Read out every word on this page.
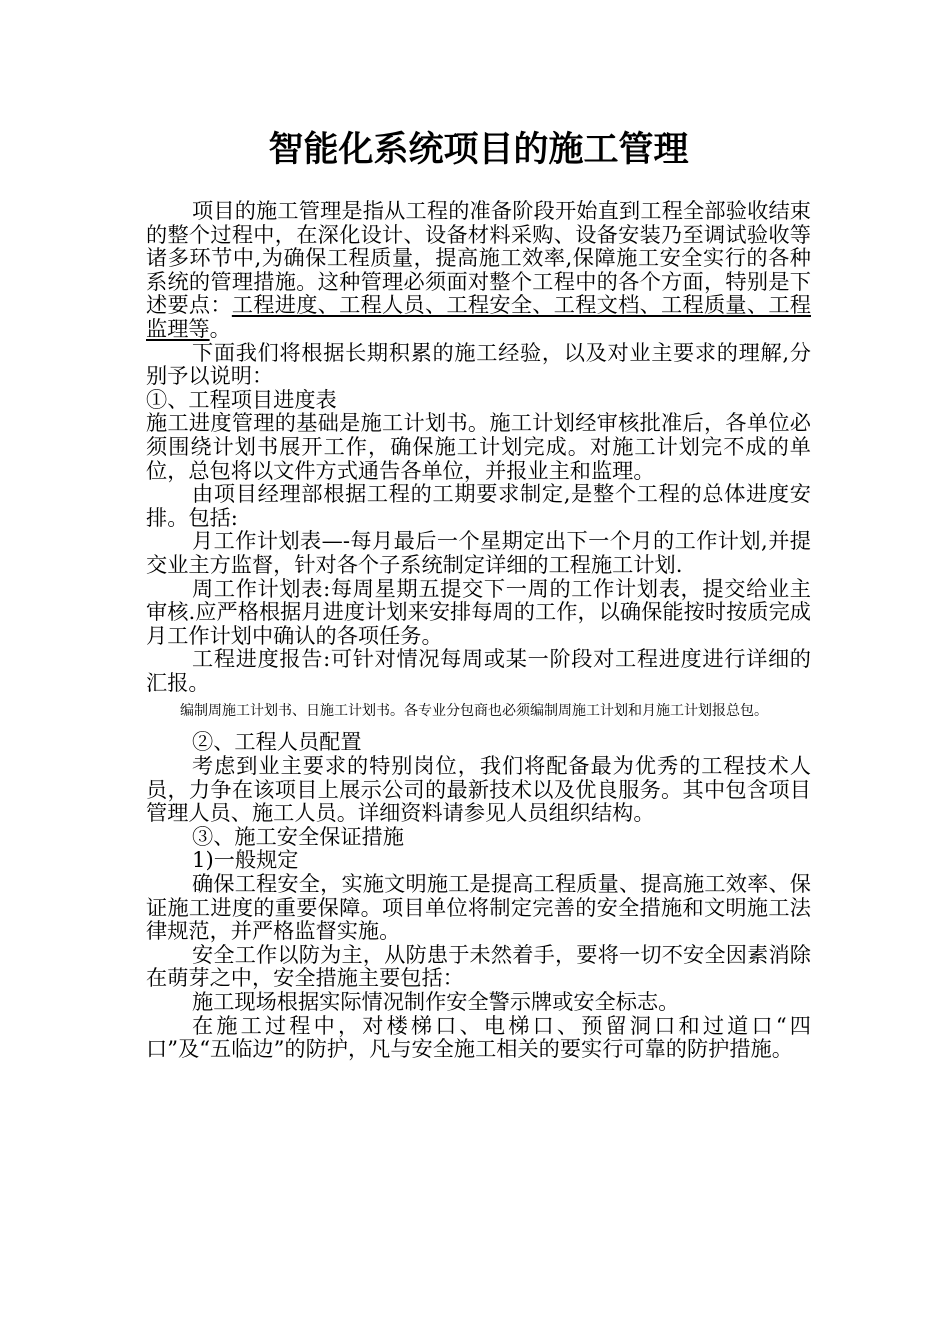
智能化系统项目的施工管理

项目的施工管理是指从工程的准备阶段开始直到工程全部验收结束的整个过程中，在深化设计、设备材料采购、设备安装乃至调试验收等诸多环节中,为确保工程质量，提高施工效率,保障施工安全实行的各种系统的管理措施。这种管理必须面对整个工程中的各个方面，特别是下述要点：工程进度、工程人员、工程安全、工程文档、工程质量、工程监理等。

下面我们将根据长期积累的施工经验，以及对业主要求的理解,分别予以说明：

①、工程项目进度表

施工进度管理的基础是施工计划书。施工计划经审核批准后，各单位必须围绕计划书展开工作，确保施工计划完成。对施工计划完不成的单位，总包将以文件方式通告各单位，并报业主和监理。

由项目经理部根据工程的工期要求制定,是整个工程的总体进度安排。包括:

月工作计划表—-每月最后一个星期定出下一个月的工作计划,并提交业主方监督，针对各个子系统制定详细的工程施工计划.

周工作计划表:每周星期五提交下一周的工作计划表，提交给业主审核.应严格根据月进度计划来安排每周的工作，以确保能按时按质完成月工作计划中确认的各项任务。

工程进度报告:可针对情况每周或某一阶段对工程进度进行详细的汇报。

编制周施工计划书、日施工计划书。各专业分包商也必须编制周施工计划和月施工计划报总包。

②、工程人员配置

考虑到业主要求的特别岗位，我们将配备最为优秀的工程技术人员，力争在该项目上展示公司的最新技术以及优良服务。其中包含项目管理人员、施工人员。详细资料请参见人员组织结构。

③、施工安全保证措施

1)一般规定

确保工程安全，实施文明施工是提高工程质量、提高施工效率、保证施工进度的重要保障。项目单位将制定完善的安全措施和文明施工法律规范，并严格监督实施。

安全工作以防为主，从防患于未然着手，要将一切不安全因素消除在萌芽之中，安全措施主要包括：

施工现场根据实际情况制作安全警示牌或安全标志。

在施工过程中，对楼梯口、电梯口、预留洞口和过道口“四口”及“五临边”的防护，凡与安全施工相关的要实行可靠的防护措施。
